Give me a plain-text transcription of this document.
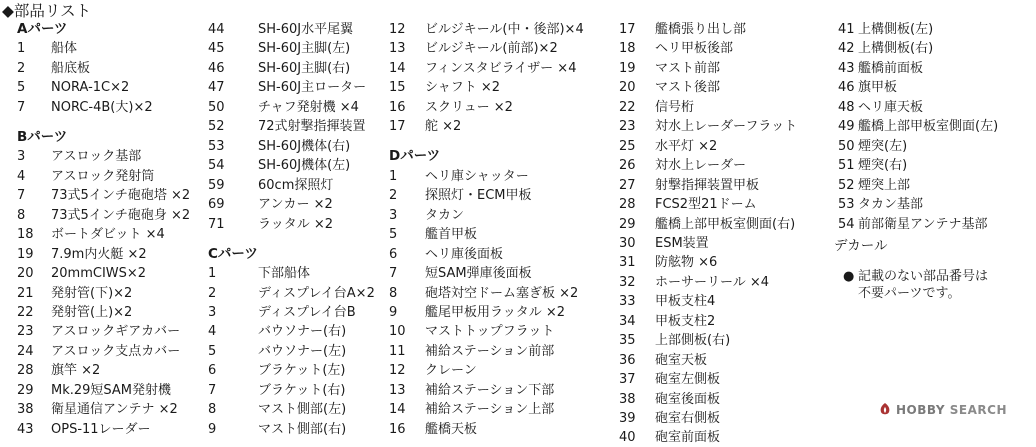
◆部品リスト
Aパーツ
1	船体
2	船底板
5	NORA-1C×2
7	NORC-4B(大)×2
Bパーツ
3	アスロック基部
4	アスロック発射筒
7	73式5インチ砲砲塔 ×2
8	73式5インチ砲砲身 ×2
18	ボートダビット ×4
19	7.9m内火艇 ×2
20	20mmCIWS×2
21	発射管(下)×2
22	発射管(上)×2
23	アスロックギアカバー
24	アスロック支点カバー
28	旗竿 ×2
29	Mk.29短SAM発射機
38	衛星通信アンテナ ×2
43	OPS-11レーダー
44	SH-60J水平尾翼
45	SH-60J主脚(左)
46	SH-60J主脚(右)
47	SH-60J主ローター
50	チャフ発射機 ×4
52	72式射撃指揮装置
53	SH-60J機体(右)
54	SH-60J機体(左)
59	60cm探照灯
69	アンカー ×2
71	ラッタル ×2
Cパーツ
1	下部船体
2	ディスプレイ台A×2
3	ディスプレイ台B
4	バウソナー(右)
5	バウソナー(左)
6	ブラケット(左)
7	ブラケット(右)
8	マスト側部(左)
9	マスト側部(右)
12	ビルジキール(中・後部)×4
13	ビルジキール(前部)×2
14	フィンスタビライザー ×4
15	シャフト ×2
16	スクリュー ×2
17	舵 ×2
Dパーツ
1	ヘリ庫シャッター
2	探照灯・ECM甲板
3	タカン
5	艦首甲板
6	ヘリ庫後面板
7	短SAM弾庫後面板
8	砲塔対空ドーム塞ぎ板 ×2
9	艦尾甲板用ラッタル ×2
10	マストトップフラット
11	補給ステーション前部
12	クレーン
13	補給ステーション下部
14	補給ステーション上部
16	艦橋天板
17	艦橋張り出し部
18	ヘリ甲板後部
19	マスト前部
20	マスト後部
22	信号桁
23	対水上レーダーフラット
25	水平灯 ×2
26	対水上レーダー
27	射撃指揮装置甲板
28	FCS2型21ドーム
29	艦橋上部甲板室側面(右)
30	ESM装置
31	防舷物 ×6
32	ホーサーリール ×4
33	甲板支柱4
34	甲板支柱2
35	上部側板(右)
36	砲室天板
37	砲室左側板
38	砲室後面板
39	砲室右側板
40	砲室前面板
41 上構側板(左)
42 上構側板(右)
43 艦橋前面板
46 旗甲板
48 ヘリ庫天板
49 艦橋上部甲板室側面(左)
50 煙突(左)
51 煙突(右)
52 煙突上部
53 タカン基部
54 前部衛星アンテナ基部
デカール
● 記載のない部品番号は
不要パーツです。
HOBBY SEARCH
